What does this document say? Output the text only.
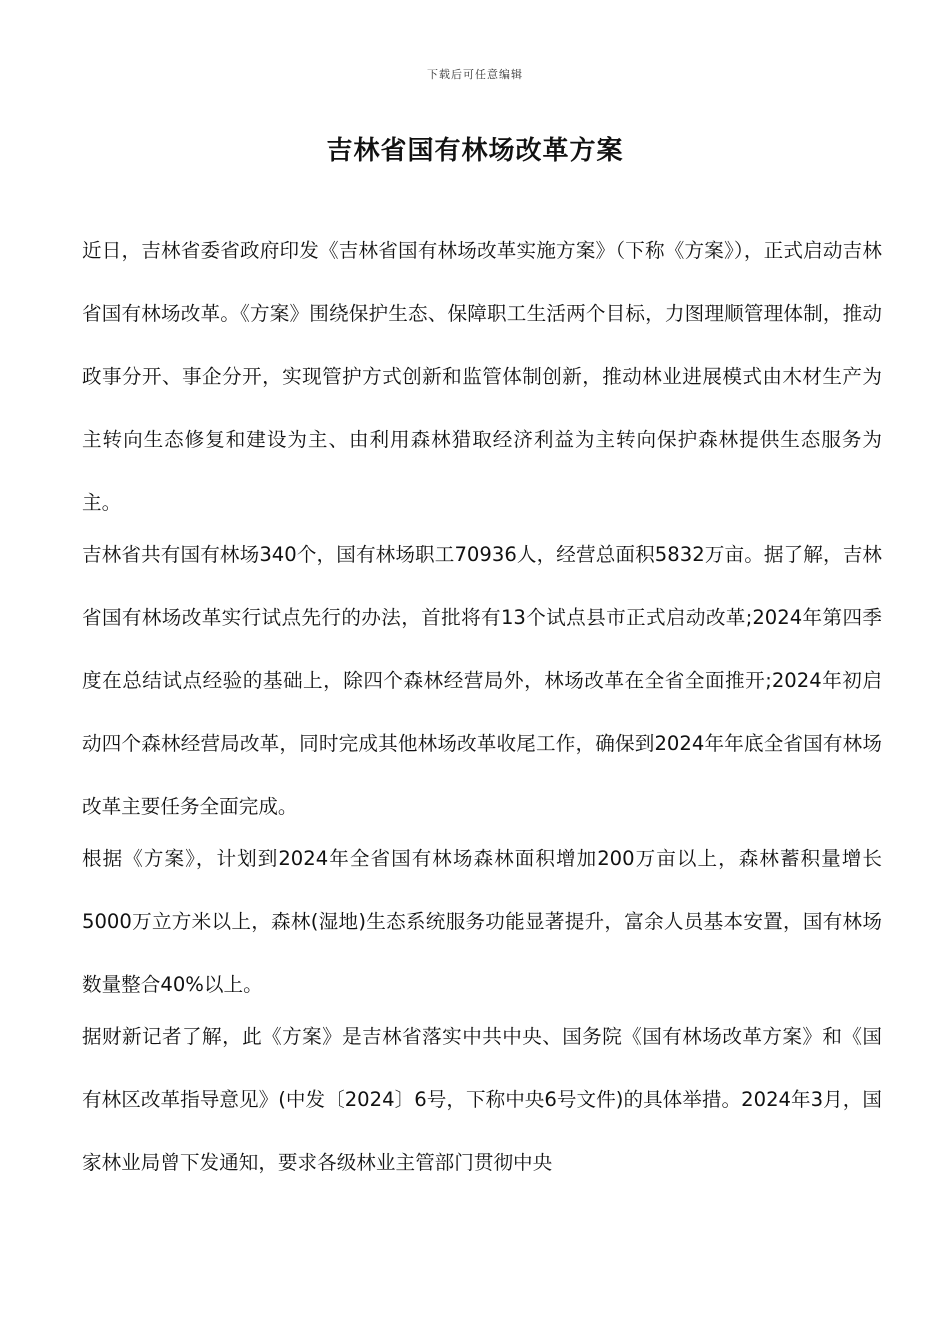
下载后可任意编辑
吉林省国有林场改革方案

近日，吉林省委省政府印发《吉林省国有林场改革实施方案》（下称《方案》），正式启动吉林省国有林场改革。《方案》围绕保护生态、保障职工生活两个目标，力图理顺管理体制，推动政事分开、事企分开，实现管护方式创新和监管体制创新，推动林业进展模式由木材生产为主转向生态修复和建设为主、由利用森林猎取经济利益为主转向保护森林提供生态服务为主。

吉林省共有国有林场340个，国有林场职工70936人，经营总面积5832万亩。据了解，吉林省国有林场改革实行试点先行的办法，首批将有13个试点县市正式启动改革;2024年第四季度在总结试点经验的基础上，除四个森林经营局外，林场改革在全省全面推开;2024年初启动四个森林经营局改革，同时完成其他林场改革收尾工作，确保到2024年年底全省国有林场改革主要任务全面完成。

根据《方案》，计划到2024年全省国有林场森林面积增加200万亩以上，森林蓄积量增长5000万立方米以上，森林(湿地)生态系统服务功能显著提升，富余人员基本安置，国有林场数量整合40%以上。

据财新记者了解，此《方案》是吉林省落实中共中央、国务院《国有林场改革方案》和《国有林区改革指导意见》(中发〔2024〕6号，下称中央6号文件)的具体举措。2024年3月，国家林业局曾下发通知，要求各级林业主管部门贯彻中央
